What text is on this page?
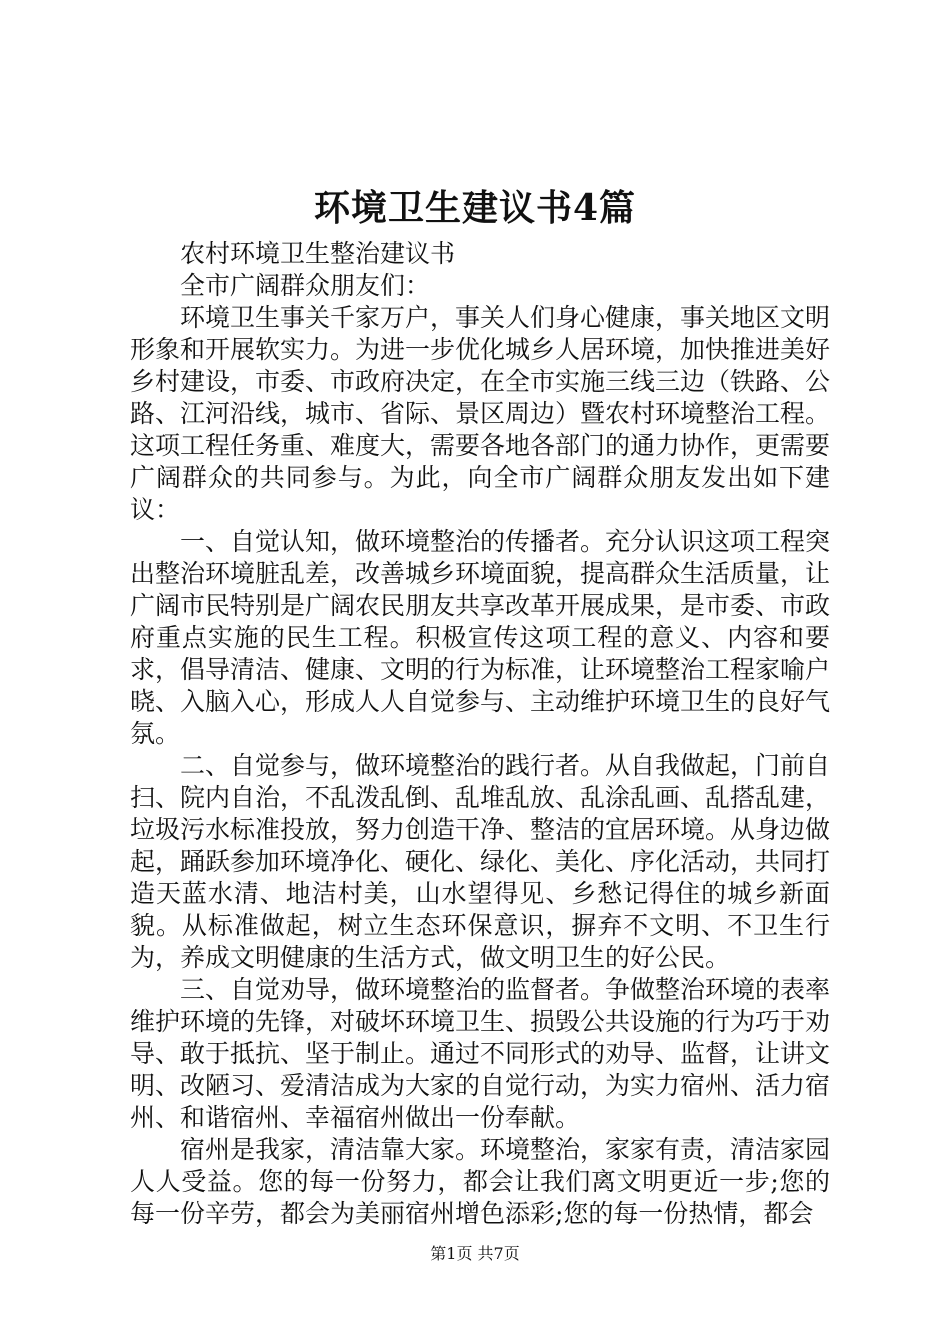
环境卫生建议书4篇

农村环境卫生整治建议书

全市广阔群众朋友们：

环境卫生事关千家万户，事关人们身心健康，事关地区文明形象和开展软实力。为进一步优化城乡人居环境，加快推进美好乡村建设，市委、市政府决定，在全市实施三线三边（铁路、公路、江河沿线，城市、省际、景区周边）暨农村环境整治工程。这项工程任务重、难度大，需要各地各部门的通力协作，更需要广阔群众的共同参与。为此，向全市广阔群众朋友发出如下建议：

一、自觉认知，做环境整治的传播者。充分认识这项工程突出整治环境脏乱差，改善城乡环境面貌，提高群众生活质量，让广阔市民特别是广阔农民朋友共享改革开展成果，是市委、市政府重点实施的民生工程。积极宣传这项工程的意义、内容和要求，倡导清洁、健康、文明的行为标准，让环境整治工程家喻户晓、入脑入心，形成人人自觉参与、主动维护环境卫生的良好气氛。

二、自觉参与，做环境整治的践行者。从自我做起，门前自扫、院内自治，不乱泼乱倒、乱堆乱放、乱涂乱画、乱搭乱建，垃圾污水标准投放，努力创造干净、整洁的宜居环境。从身边做起，踊跃参加环境净化、硬化、绿化、美化、序化活动，共同打造天蓝水清、地洁村美，山水望得见、乡愁记得住的城乡新面貌。从标准做起，树立生态环保意识，摒弃不文明、不卫生行为，养成文明健康的生活方式，做文明卫生的好公民。

三、自觉劝导，做环境整治的监督者。争做整治环境的表率维护环境的先锋，对破坏环境卫生、损毁公共设施的行为巧于劝导、敢于抵抗、坚于制止。通过不同形式的劝导、监督，让讲文明、改陋习、爱清洁成为大家的自觉行动，为实力宿州、活力宿州、和谐宿州、幸福宿州做出一份奉献。

宿州是我家，清洁靠大家。环境整治，家家有责，清洁家园人人受益。您的每一份努力，都会让我们离文明更近一步;您的每一份辛劳，都会为美丽宿州增色添彩;您的每一份热情，都会

第1页 共7页
